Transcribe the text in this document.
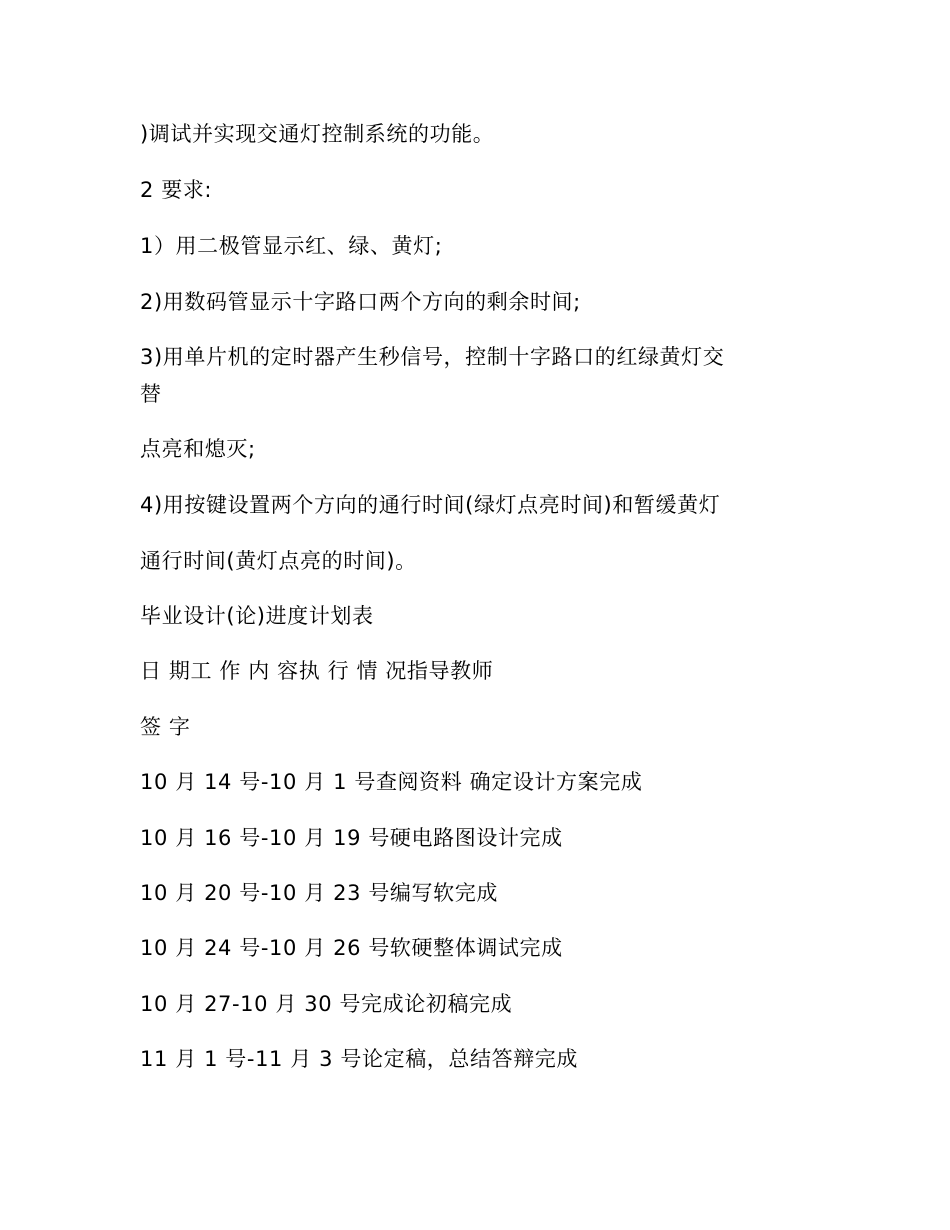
)调试并实现交通灯控制系统的功能。
2 要求:
1）用二极管显示红、绿、黄灯;
2)用数码管显示十字路口两个方向的剩余时间;
3)用单片机的定时器产生秒信号，控制十字路口的红绿黄灯交
替
点亮和熄灭;
4)用按键设置两个方向的通行时间(绿灯点亮时间)和暂缓黄灯
通行时间(黄灯点亮的时间)。
毕业设计(论)进度计划表
日 期工 作 内 容执 行 情 况指导教师
签 字
10 月 14 号-10 月 1 号查阅资料 确定设计方案完成
10 月 16 号-10 月 19 号硬电路图设计完成
10 月 20 号-10 月 23 号编写软完成
10 月 24 号-10 月 26 号软硬整体调试完成
10 月 27-10 月 30 号完成论初稿完成
11 月 1 号-11 月 3 号论定稿，总结答辩完成
